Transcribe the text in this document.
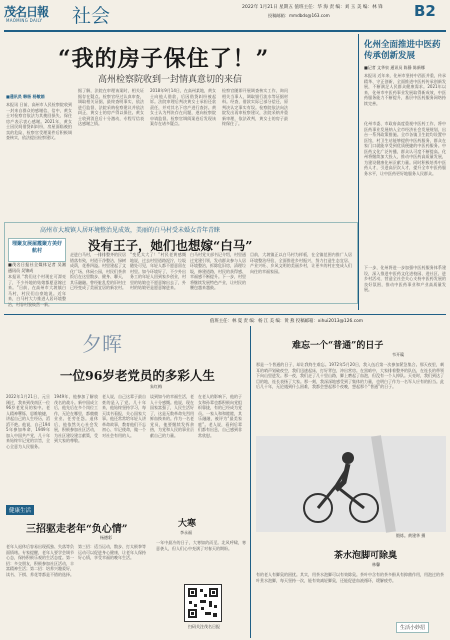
茂名日報
MAOMING DAILY 社会	2022年 1月21日 星期五 值班主任：华 海 责 编：刘 玉 美 编：林 锋
投稿邮箱：mmdbds@163.com	B2
“我的房子保住了！”
高州检察院收到一封情真意切的来信
■通讯员 韩杨 杨敏娟
本报讯 日前，高州市人民检察院收到一封来自群众的感谢信，信中，黄女士对检察官依法为其挽回损失、保住房产表示衷心感谢。2021年，黄女士因民间借贷纠纠纷，房屋面临被拍卖的危险，检察官受理案件后积极调查核实，依法提出检察建议。
据了解，法院在审理该案时，相关证据存在疑点。检察官经过认真审查，调取相关证据，最终查明事实，依法进行监督，法院采纳检察建议并依法纠正，黄女士的房产得以保住。黄女士收到消息后十分激动，专程写信表达感谢之情。
2018年9月14日，在高州某地，黄女士向他人借款，后因借贷纠纷被起诉。法院审理后判决黄女士承担还款责任，并对其名下房产进行查封。黄女士认为判决存在问题，遂向检察院申请监督。检察官调阅案卷后发现该案存在诸多疑点。
检察官随即开展调查核实工作，询问相关当事人，调取银行流水等证据材料。经查，借款实际已部分偿还，原判决认定事实有误。检察院依法向法院发出再审检察建议，法院采纳并重新审理，依法改判，黄女士的房子最终保住了。
化州全面推进中医药传承创新发展
■记者 文华泉 通讯员 陈静 陈新娜
本报讯 近年来，化州市坚持中西医并重，传承精华、守正创新，全面推进中医药传承创新发展，不断满足人民群众健康需求。2021年以来，化州市中医药事业发展取得新成效，中医药服务能力不断提升，基层中医药服务网络持续完善。
化州市委、市政府高度重视中医药工作，将中医药事业发展纳入全市经济社会发展规划，出台一系列政策措施。全市各镇卫生院均设置中医馆，村卫生站能够提供中医药服务，群众在家门口就能享受到优质便捷的中医药服务。中医药文化广泛传播，群众认可度不断提高。化州将继续加大投入，推动中医药高质量发展，为建设健康化州贡献力量。同时积极培养中医药人才，引进高层次人才，提升全市中医药服务水平，让中医药更好地服务人民群众。
下一步，化州将进一步加强中医药服务体系建设，深入推进中医药文化进校园、进社区、进乡村活动，营造全社会关心支持中医药发展的良好氛围，推动中医药事业和产业高质量发展。
高州市大坡镇人居环境整治见成效，美丽的白马村受未婚女青年青睐
没有王子，她们也想嫁“白马”
埋聚友展屋霞聚方美好航村
■茂名日报社全媒体记者 吴湘 通讯员 吴锦成
本报讯 “我们这个村现在可漂亮了，不少外地的姑娘都愿意嫁过来。”日前，在高州市大坡镇白马村，村民们自豪地说。近年来，白马村大力推进人居环境整治，村容村貌焕然一新。
走进白马村，一排排整齐的民居错落有致，村道干净整洁，绿树成荫，花香四溢。村里建起了文化广场、休闲公园，村民们茶余饭后在这里散步、健身、聊天，其乐融融。曾经脏乱差的旧村庄已经变成了美丽宜居的新农村。
“变化太大了！”村民老黄感慨地说，过去村里道路泥泞，垃圾随处可见，年轻人都不愿意留在村里。如今环境好了，不少外出务工的年轻人回到家乡创业，村里的姑娘也不愿意嫁出去了，外村的姑娘更是愿意嫁进来。
白马村党支部书记介绍，村里通过党建引领，发动群众参与人居环境整治，拆除危旧房，清理垃圾，修建道路，村民的获得感、幸福感不断提升。下一步，村里将继续发展特色产业，让村民的腰包越来越鼓。
目前，大坡镇正以白马村为样板，在全镇范围内推广人居环境整治经验，全面推进乡村振兴，努力打造生态宜居、产业兴旺、乡风文明的美丽乡村，让更多的村庄变成人们向往的幸福家园。
夕晖
值班主任：林 夏 责 编：杨 江 美 编：黄 燕 投稿邮箱：xihui2013@126.com
一位96岁老党员的多彩人生
朱红梅
2022年1月21日，元旦刚过，我来到茂南区一位96岁老党员的家中。老人精神矍铄，思维敏捷，讲起自己的人生经历，滔滔不绝。他说，自己1945年参加革命，1949年加入中国共产党，几十年来始终牢记党的宗旨，全心全意为人民服务。
1949年，他参加了解放茂名的战斗。新中国成立后，他先后在多个岗位工作，无论在哪里，都兢兢业业、任劳任怨。退休后，他依然关心社会发展，积极参加社区活动，为社区建设建言献策，受到大家的尊敬。
老人说，自己这辈子最自豪的是入了党。几十年来，他始终坚持学习，每天读书看报，关心国家大事。他还常常给年轻人讲革命故事，教育他们不忘初心、牢记使命，做一个对社会有用的人。
谈到如今的幸福生活，老人十分感慨。他说，现在国家富强了，人民生活好了，这是无数革命先烈用鲜血换来的。作为一名老党员，他要继续发挥余热，为党和人民的事业贡献自己的力量。
在老人的影响下，他的子女和孙辈也都积极向党组织靠拢，有的已经成为党员。一家人和和睦睦，其乐融融，被评为“最美家庭”。老人说，看到后辈们都有出息，自己感到非常欣慰。
难忘一个“普通”的日子
韦开赣
那是一个普通的日子，却让我终生难忘。1972年5月20日，我入伍后第一次参加紧急集合。那天夜里，刺耳的哨声划破夜空，我们迅速起床，打好背包，冲出营房。在黑暗中，大家排着整齐的队伍，在连长的带领下向山里进发。那一夜，我们走了几十里山路，脚上磨起了血泡，但没有一个人掉队。天亮时，我们到达了目的地，连长表扬了大家。那一刻，我深深地感受到了集体的力量，也明白了作为一名军人应有的担当。此后几十年，无论遇到什么困难，我都会想起那个夜晚，想起那个“普通”的日子。
锻炼。黄建华 摄
茶水泡脚可除臭
林馨
有的老人有脚臭的困扰。其实，用茶水泡脚可以有效除臭。茶叶中含有的茶多酚具有抑菌作用，用泡过的茶叶煮水泡脚，每天坚持一次，能有效减轻脚臭，还能促进血液循环，缓解疲劳。
生活小妙招
健康生活
三招驱走老年“负心情”
杨德彩
老年人退休后容易出现孤独、失落等负面情绪。专家提醒，老年人要学会调节心态，保持积极乐观的生活态度。第一招：多交朋友，积极参加社区活动，丰富精神生活；第二招：培养兴趣爱好，读书、下棋、养花等都是不错的选择。
第三招：适当运动，散步、打太极拳等运动可以促进身心健康，让老年人保持好心情，享受幸福的晚年生活。
大寒
李永福
一年中最冷的日子，大寒如约而至。北风呼啸，寒意袭人，但人们心中充满了对春天的期盼。
扫码关注茂名日报
